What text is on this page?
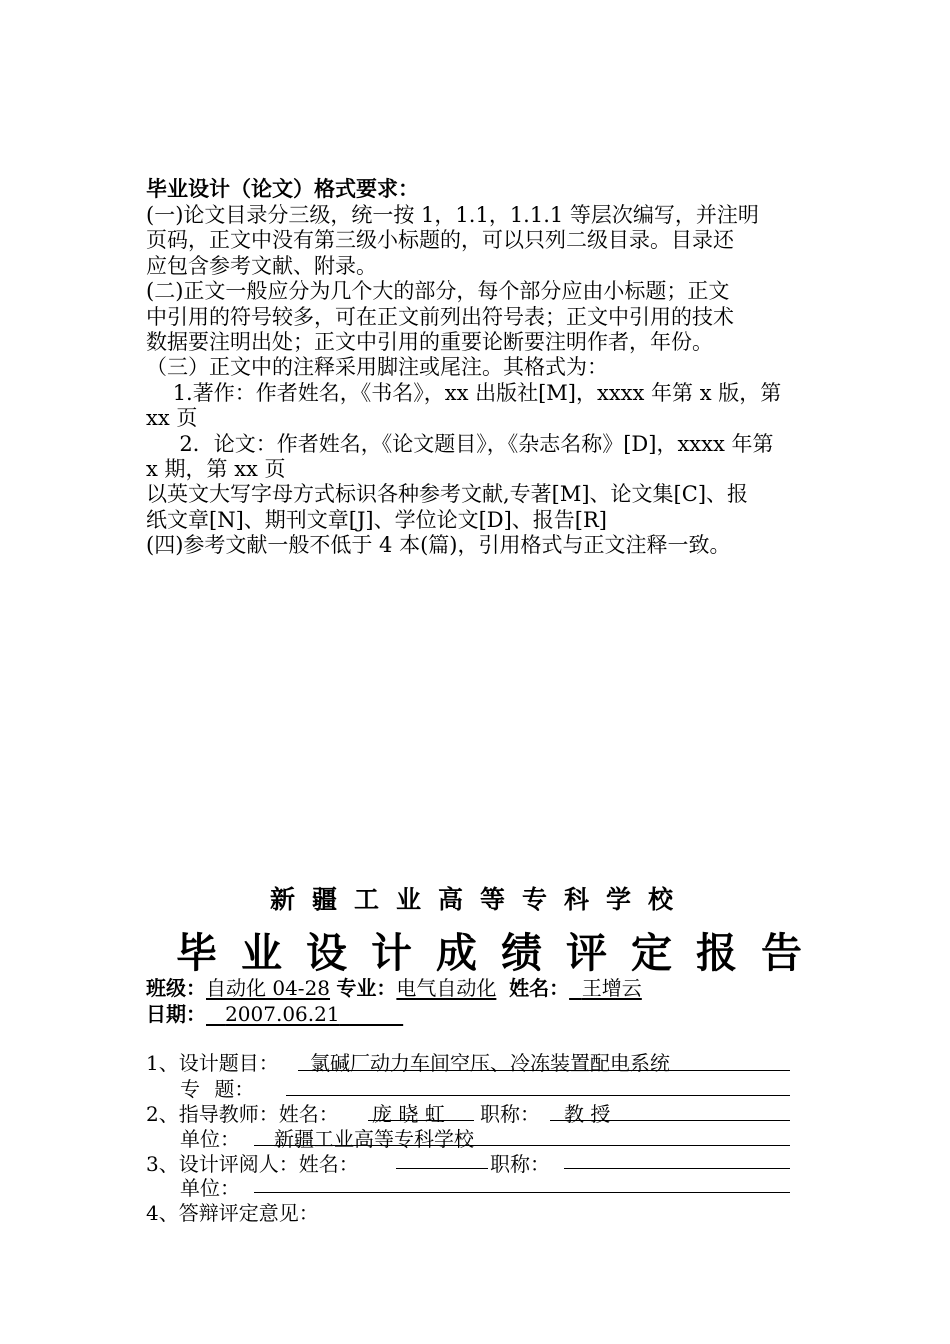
毕业设计（论文）格式要求：
(一)论文目录分三级，统一按 1，1.1，1.1.1 等层次编写，并注明
页码，正文中没有第三级小标题的，可以只列二级目录。目录还
应包含参考文献、附录。
(二)正文一般应分为几个大的部分，每个部分应由小标题；正文
中引用的符号较多，可在正文前列出符号表；正文中引用的技术
数据要注明出处；正文中引用的重要论断要注明作者，年份。
（三）正文中的注释采用脚注或尾注。其格式为：
1.著作：作者姓名，《书名》，xx 出版社[M]，xxxx 年第 x 版，第
xx 页
2．论文：作者姓名，《论文题目》，《杂志名称》[D]，xxxx 年第
x 期，第 xx 页
以英文大写字母方式标识各种参考文献,专著[M]、论文集[C]、报
纸文章[N]、期刊文章[J]、学位论文[D]、报告[R]
(四)参考文献一般不低于 4 本(篇)，引用格式与正文注释一致。
新疆工业高等专科学校
毕业设计成绩评定报告
班级：自动化 04-28 专业：电气自动化 姓名： 王增云
日期： 2007.06.21
1、设计题目： 氯碱厂动力车间空压、冷冻装置配电系统
专 题：
2、指导教师：姓名： 庞 晓 虹 职称： 教 授
单位： 新疆工业高等专科学校
3、设计评阅人：姓名：	职称：
单位：
4、答辩评定意见：
